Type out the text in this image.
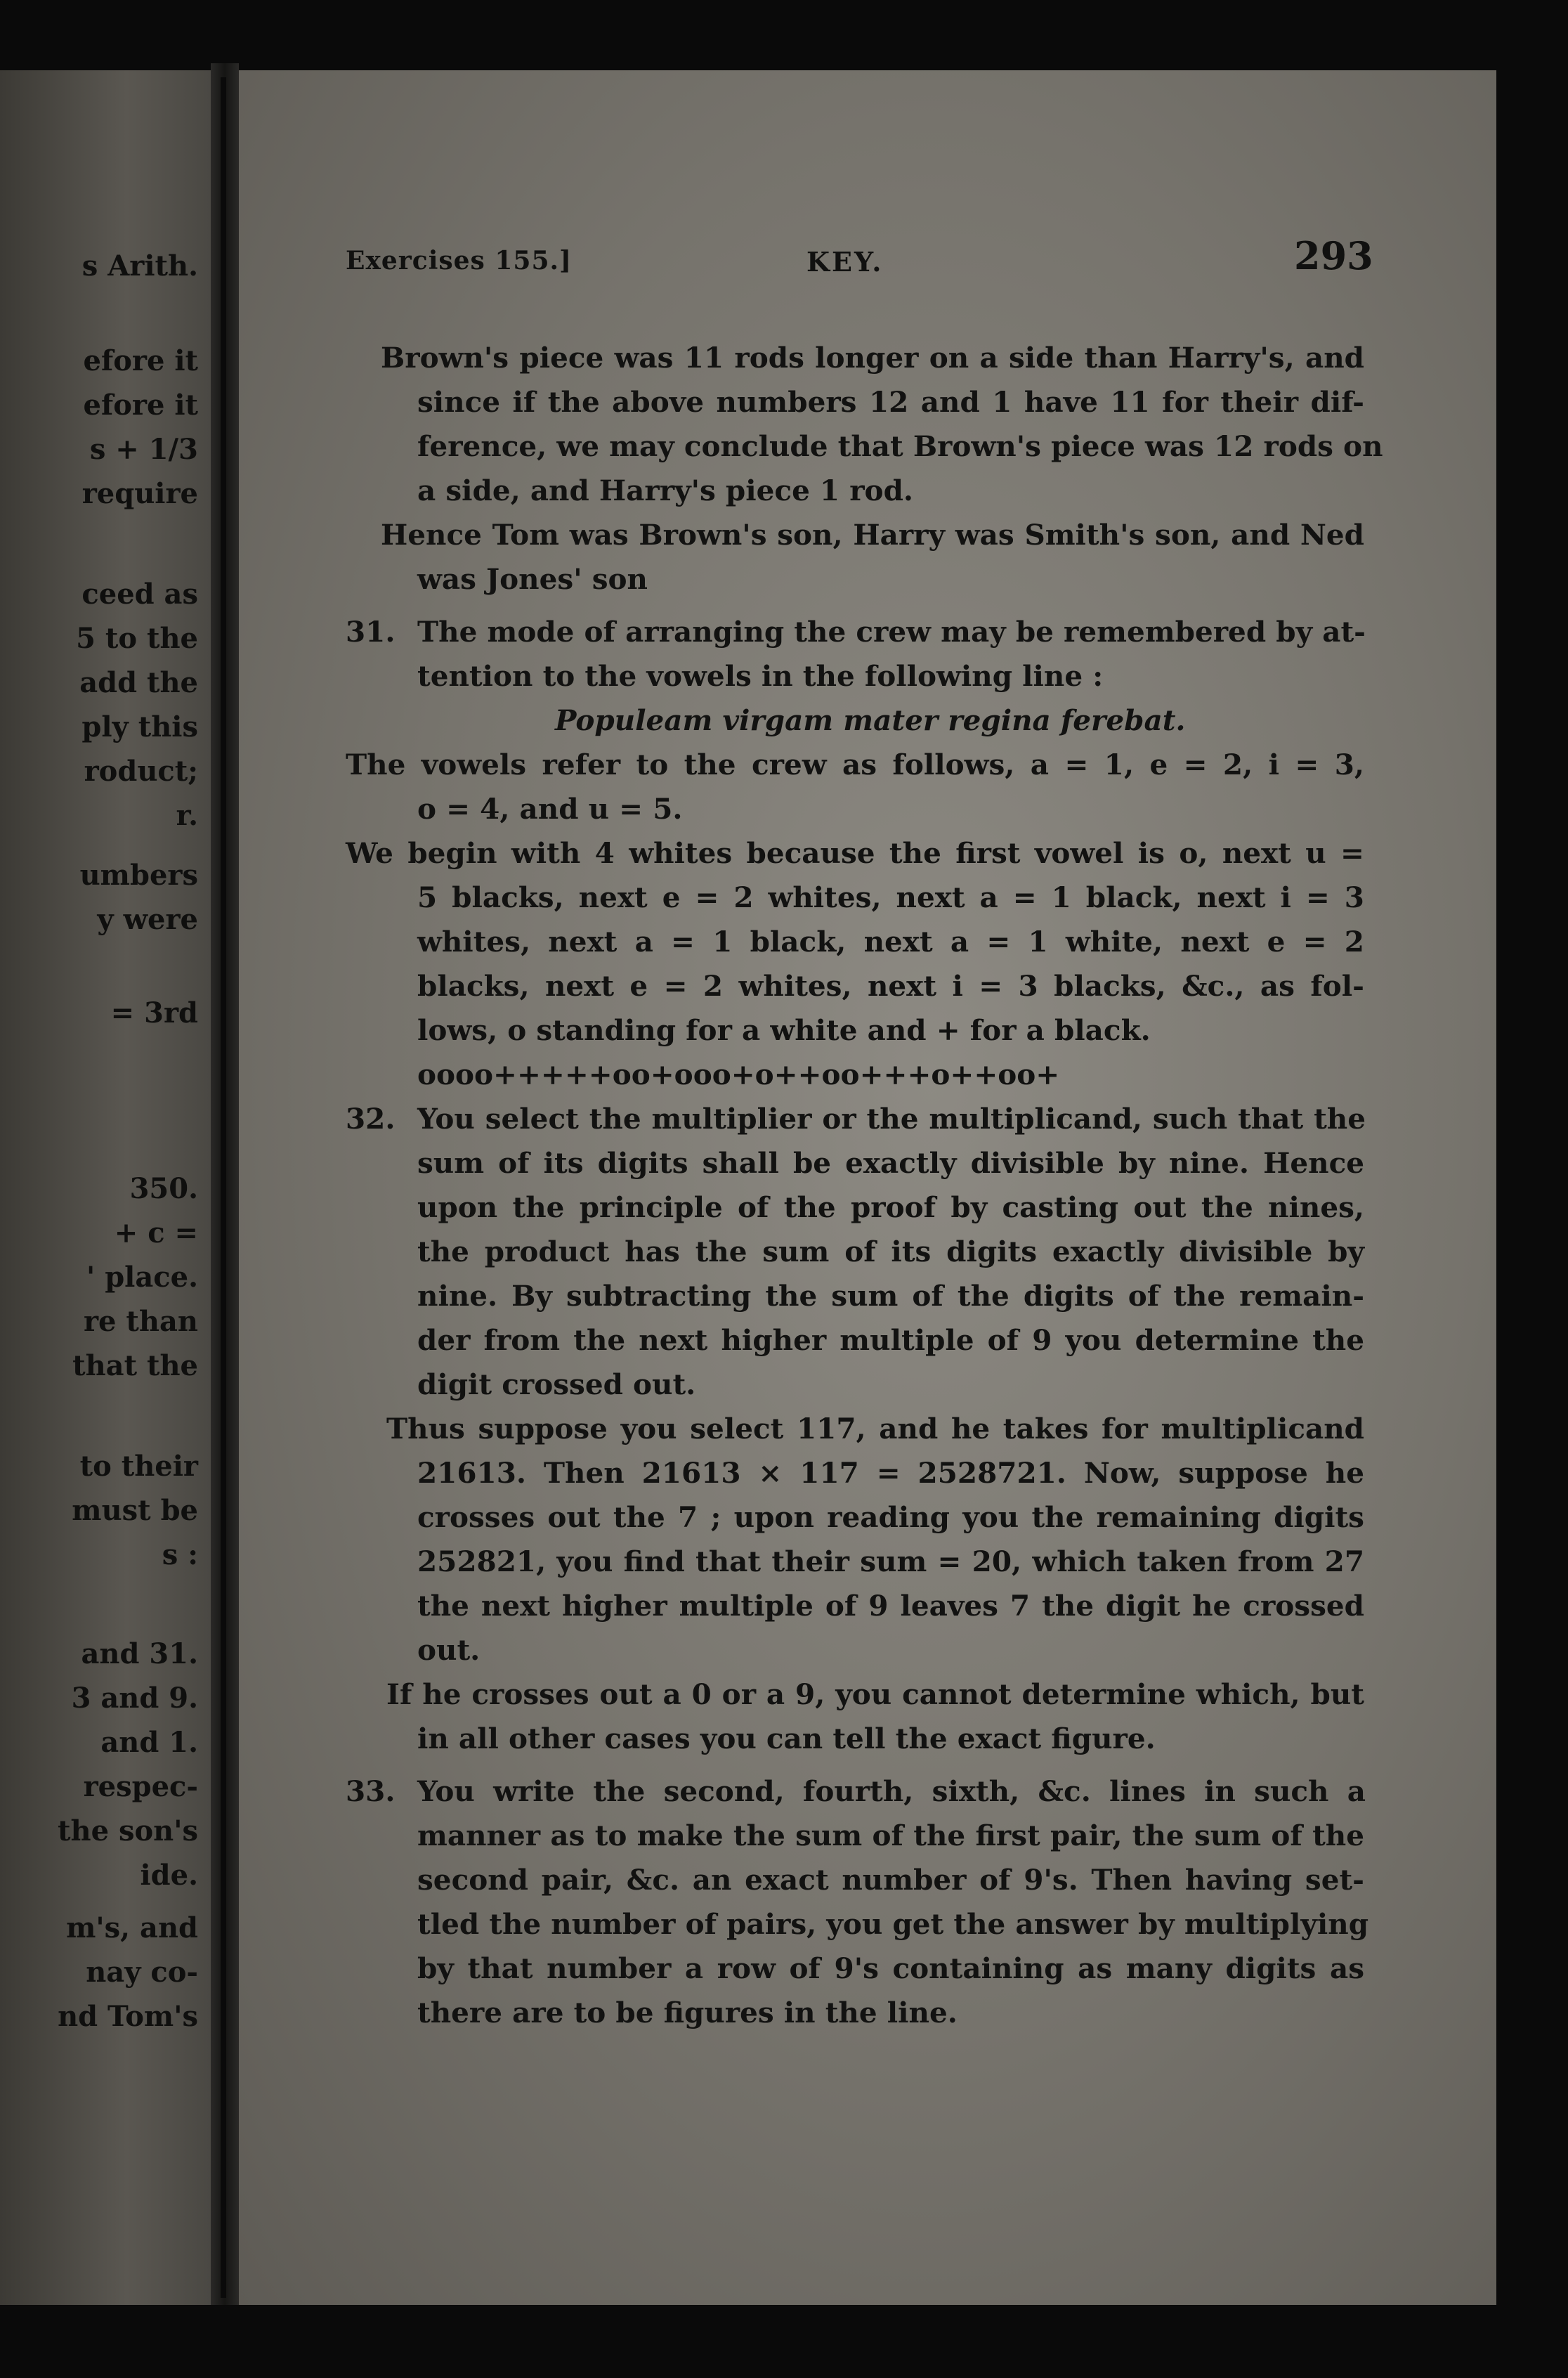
s Arith.
efore it
efore it
s + 1/3
require
ceed as
5 to the
add the
ply this
roduct;
r.
umbers
y were
= 3rd
350.
+ c =
' place.
re than
that the
to their
must be
s :
and 31.
3 and 9.
and 1.
respec-
the son's
ide.
m's, and
nay co-
nd Tom's
Exercises 155.]	KEY.	293
Brown's piece was 11 rods longer on a side than Harry's, and
since if the above numbers 12 and 1 have 11 for their dif-
ference, we may conclude that Brown's piece was 12 rods on
a side, and Harry's piece 1 rod.
Hence Tom was Brown's son, Harry was Smith's son, and Ned
was Jones' son
31. The mode of arranging the crew may be remembered by at-
tention to the vowels in the following line :
Populeam virgam mater regina ferebat.
The vowels refer to the crew as follows, a = 1, e = 2, i = 3,
o = 4, and u = 5.
We begin with 4 whites because the first vowel is o, next u =
5 blacks, next e = 2 whites, next a = 1 black, next i = 3
whites, next a = 1 black, next a = 1 white, next e = 2
blacks, next e = 2 whites, next i = 3 blacks, &c., as fol-
lows, o standing for a white and + for a black.
oooo+++++oo+ooo+o++oo+++o++oo+
32. You select the multiplier or the multiplicand, such that the
sum of its digits shall be exactly divisible by nine. Hence
upon the principle of the proof by casting out the nines,
the product has the sum of its digits exactly divisible by
nine. By subtracting the sum of the digits of the remain-
der from the next higher multiple of 9 you determine the
digit crossed out.
Thus suppose you select 117, and he takes for multiplicand
21613. Then 21613 × 117 = 2528721. Now, suppose he
crosses out the 7 ; upon reading you the remaining digits
252821, you find that their sum = 20, which taken from 27
the next higher multiple of 9 leaves 7 the digit he crossed
out.
If he crosses out a 0 or a 9, you cannot determine which, but
in all other cases you can tell the exact figure.
33. You write the second, fourth, sixth, &c. lines in such a
manner as to make the sum of the first pair, the sum of the
second pair, &c. an exact number of 9's. Then having set-
tled the number of pairs, you get the answer by multiplying
by that number a row of 9's containing as many digits as
there are to be figures in the line.
